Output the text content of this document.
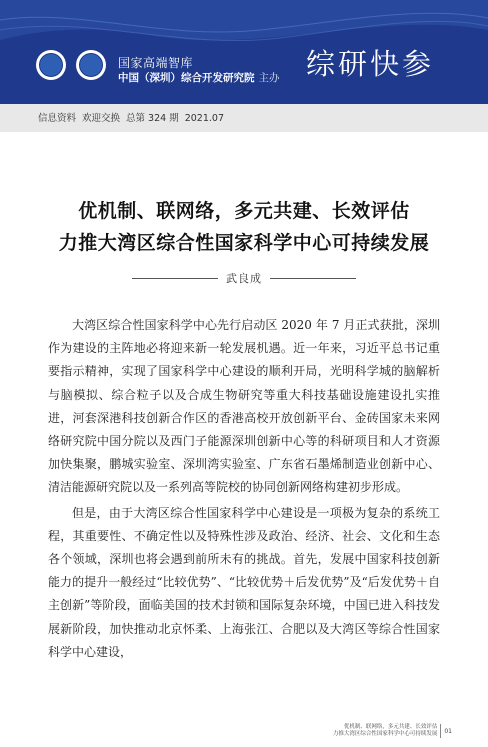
国家高端智库
中国（深圳）综合开发研究院 主办 综研快参
信息资料 欢迎交换 总第 324 期 2021.07
优机制、联网络，多元共建、长效评估
力推大湾区综合性国家科学中心可持续发展
武良成

大湾区综合性国家科学中心先行启动区 2020 年 7 月正式获批，深圳作为建设的主阵地必将迎来新一轮发展机遇。近一年来，习近平总书记重要指示精神，实现了国家科学中心建设的顺利开局，光明科学城的脑解析与脑模拟、综合粒子以及合成生物研究等重大科技基础设施建设扎实推进，河套深港科技创新合作区的香港高校开放创新平台、金砖国家未来网络研究院中国分院以及西门子能源深圳创新中心等的科研项目和人才资源加快集聚，鹏城实验室、深圳湾实验室、广东省石墨烯制造业创新中心、清洁能源研究院以及一系列高等院校的协同创新网络构建初步形成。

但是，由于大湾区综合性国家科学中心建设是一项极为复杂的系统工程，其重要性、不确定性以及特殊性涉及政治、经济、社会、文化和生态各个领域，深圳也将会遇到前所未有的挑战。首先，发展中国家科技创新能力的提升一般经过“比较优势”、“比较优势＋后发优势”及“后发优势＋自主创新”等阶段，面临美国的技术封锁和国际复杂环境，中国已进入科技发展新阶段，加快推动北京怀柔、上海张江、合肥以及大湾区等综合性国家科学中心建设，

优机制、联网络，多元共建、长效评估
力推大湾区综合性国家科学中心可持续发展 01
